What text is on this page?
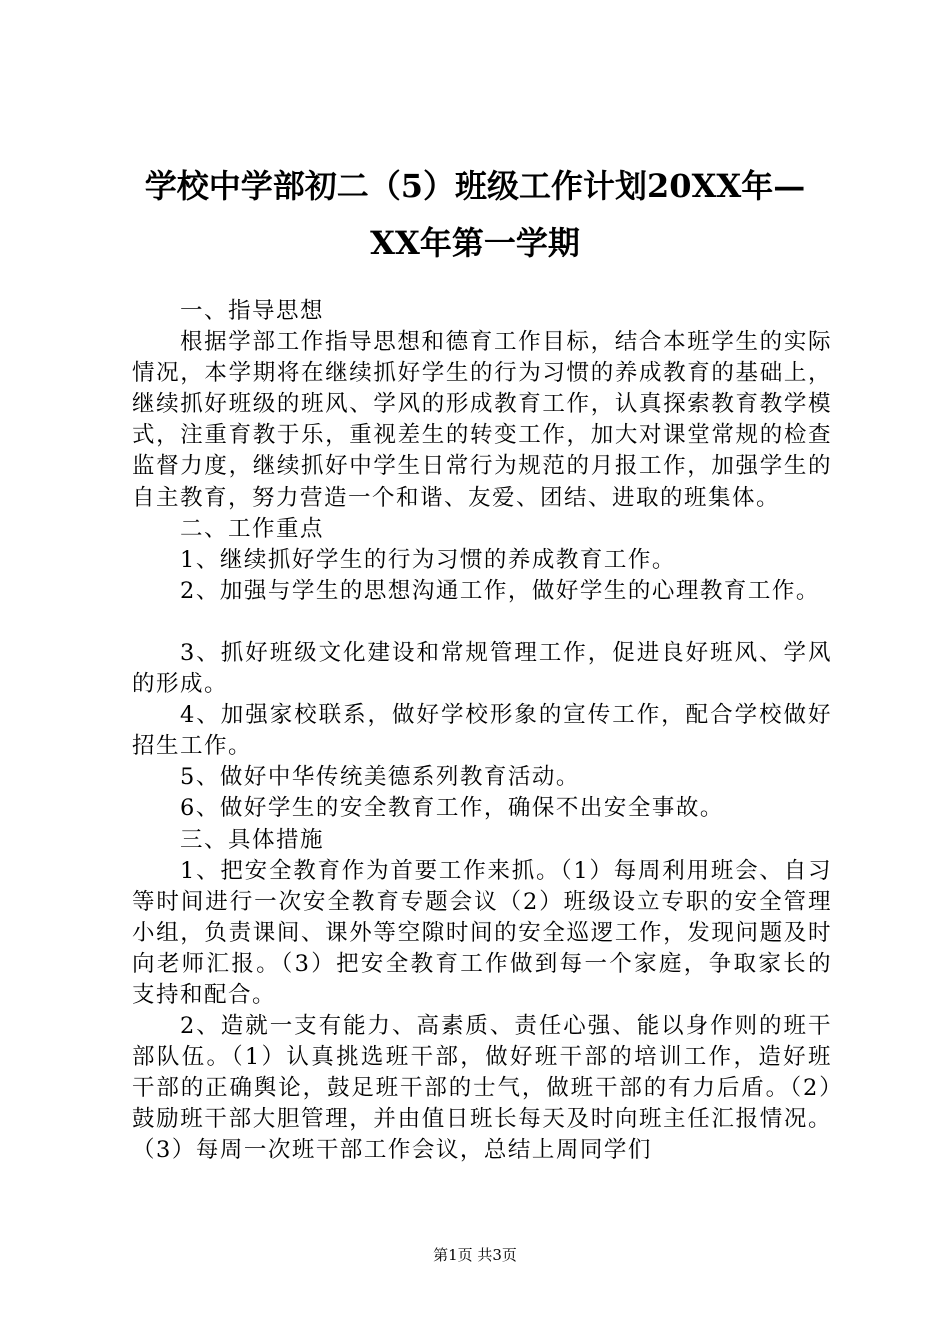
学校中学部初二（5）班级工作计划20XX年—
XX年第一学期

一、指导思想

根据学部工作指导思想和德育工作目标，结合本班学生的实际情况，本学期将在继续抓好学生的行为习惯的养成教育的基础上，继续抓好班级的班风、学风的形成教育工作，认真探索教育教学模式，注重育教于乐，重视差生的转变工作，加大对课堂常规的检查监督力度，继续抓好中学生日常行为规范的月报工作，加强学生的自主教育，努力营造一个和谐、友爱、团结、进取的班集体。

二、工作重点

1、继续抓好学生的行为习惯的养成教育工作。

2、加强与学生的思想沟通工作，做好学生的心理教育工作。

3、抓好班级文化建设和常规管理工作，促进良好班风、学风的形成。

4、加强家校联系，做好学校形象的宣传工作，配合学校做好招生工作。

5、做好中华传统美德系列教育活动。

6、做好学生的安全教育工作，确保不出安全事故。

三、具体措施

1、把安全教育作为首要工作来抓。（1）每周利用班会、自习等时间进行一次安全教育专题会议（2）班级设立专职的安全管理小组，负责课间、课外等空隙时间的安全巡逻工作，发现问题及时向老师汇报。（3）把安全教育工作做到每一个家庭，争取家长的支持和配合。

2、造就一支有能力、高素质、责任心强、能以身作则的班干部队伍。（1）认真挑选班干部，做好班干部的培训工作，造好班干部的正确舆论，鼓足班干部的士气，做班干部的有力后盾。（2）鼓励班干部大胆管理，并由值日班长每天及时向班主任汇报情况。（3）每周一次班干部工作会议，总结上周同学们

第1页 共3页
